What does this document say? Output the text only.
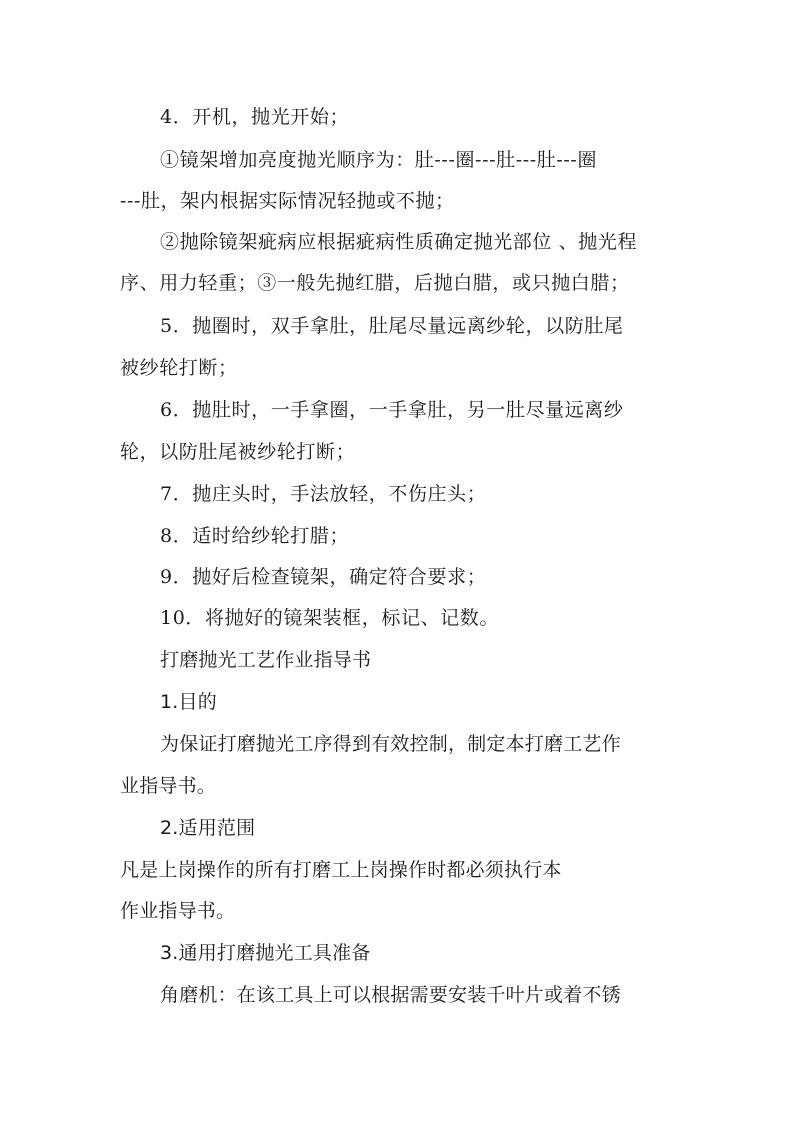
4．开机，抛光开始；
①镜架增加亮度抛光顺序为：肚---圈---肚---肚---圈
---肚，架内根据实际情况轻抛或不抛；
②抛除镜架疵病应根据疵病性质确定抛光部位 、抛光程
序、用力轻重；③一般先抛红腊，后抛白腊，或只抛白腊；
5．抛圈时，双手拿肚，肚尾尽量远离纱轮，以防肚尾
被纱轮打断；
6．抛肚时，一手拿圈，一手拿肚，另一肚尽量远离纱
轮，以防肚尾被纱轮打断；
7．抛庄头时，手法放轻，不伤庄头；
8．适时给纱轮打腊；
9．抛好后检查镜架，确定符合要求；
10．将抛好的镜架装框，标记、记数。
打磨抛光工艺作业指导书
1.目的
为保证打磨抛光工序得到有效控制，制定本打磨工艺作
业指导书。
2.适用范围
凡是上岗操作的所有打磨工上岗操作时都必须执行本
作业指导书。
3.通用打磨抛光工具准备
角磨机：在该工具上可以根据需要安装千叶片或着不锈
